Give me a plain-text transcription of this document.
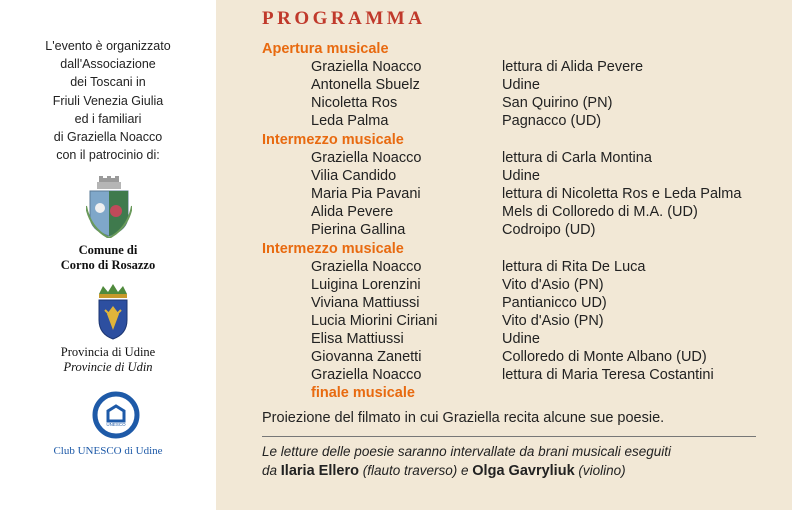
L'evento è organizzato
dall'Associazione
dei Toscani in
Friuli Venezia Giulia
ed i familiari
di Graziella Noacco
con il patrocinio di:
Comune di
Corno di Rosazzo
Provincia di Udine
Provincie di Udin
UNESCO
Club UNESCO di Udine
PROGRAMMA
Apertura musicale
Graziella Noacco	lettura di Alida Pevere
Antonella Sbuelz	Udine
Nicoletta Ros	San Quirino (PN)
Leda Palma	Pagnacco (UD)
Intermezzo musicale
Graziella Noacco	lettura di Carla Montina
Vilia Candido	Udine
Maria Pia Pavani	lettura di Nicoletta Ros e Leda Palma
Alida Pevere	Mels di Colloredo di M.A. (UD)
Pierina Gallina	Codroipo (UD)
Intermezzo musicale
Graziella Noacco	lettura di Rita De Luca
Luigina Lorenzini	Vito d'Asio (PN)
Viviana Mattiussi	Pantianicco UD)
Lucia Miorini Ciriani	Vito d'Asio (PN)
Elisa Mattiussi	Udine
Giovanna Zanetti	Colloredo di Monte Albano (UD)
Graziella Noacco	lettura di Maria Teresa Costantini
finale musicale
Proiezione del filmato in cui Graziella recita alcune sue poesie.
Le letture delle poesie saranno intervallate da brani musicali eseguiti
da Ilaria Ellero (flauto traverso) e Olga Gavryliuk (violino)
